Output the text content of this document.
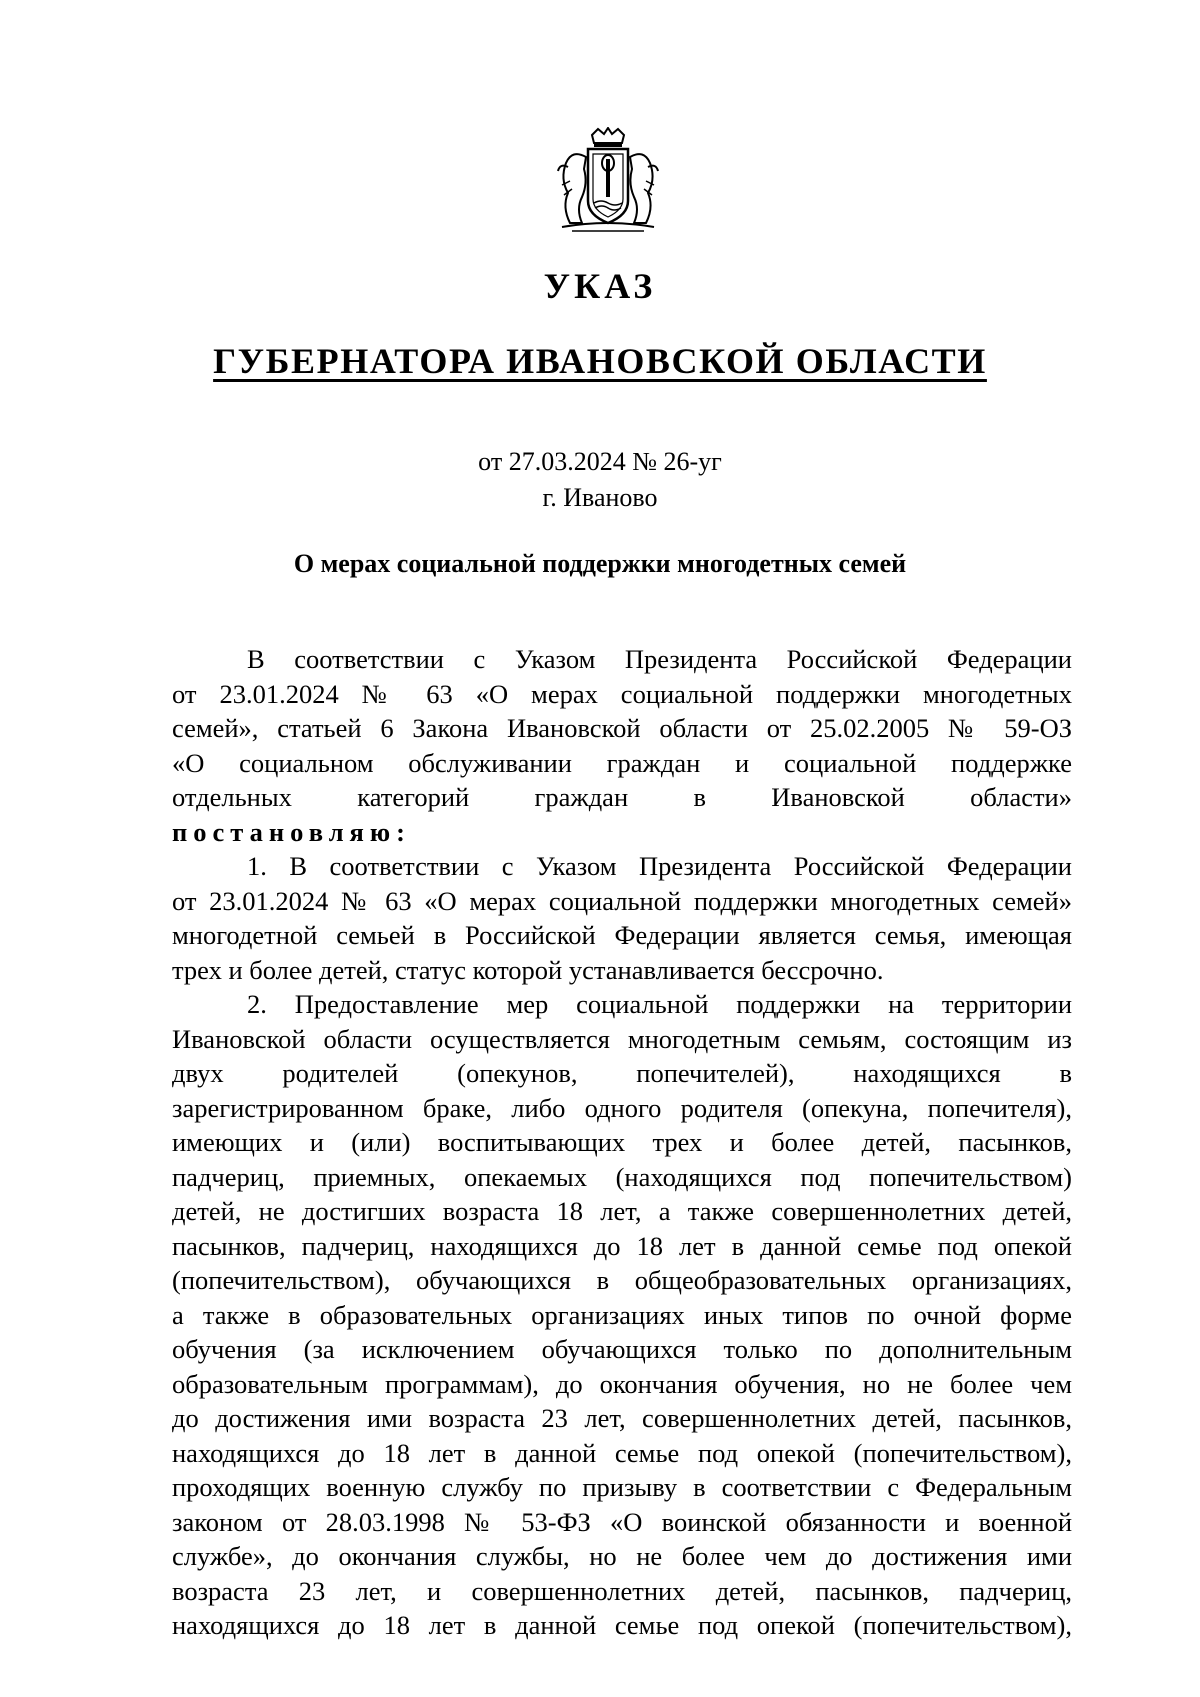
УКАЗ
ГУБЕРНАТОРА ИВАНОВСКОЙ ОБЛАСТИ
от 27.03.2024 № 26-уг
г. Иваново
О мерах социальной поддержки многодетных семей
В соответствии с Указом Президента Российской Федерации
от 23.01.2024 № 63 «О мерах социальной поддержки многодетных
семей», статьей 6 Закона Ивановской области от 25.02.2005 № 59-ОЗ
«О социальном обслуживании граждан и социальной поддержке
отдельных категорий граждан в Ивановской области»
постановляю:
1. В соответствии с Указом Президента Российской Федерации
от 23.01.2024 № 63 «О мерах социальной поддержки многодетных семей»
многодетной семьей в Российской Федерации является семья, имеющая
трех и более детей, статус которой устанавливается бессрочно.
2. Предоставление мер социальной поддержки на территории
Ивановской области осуществляется многодетным семьям, состоящим из
двух родителей (опекунов, попечителей), находящихся в
зарегистрированном браке, либо одного родителя (опекуна, попечителя),
имеющих и (или) воспитывающих трех и более детей, пасынков,
падчериц, приемных, опекаемых (находящихся под попечительством)
детей, не достигших возраста 18 лет, а также совершеннолетних детей,
пасынков, падчериц, находящихся до 18 лет в данной семье под опекой
(попечительством), обучающихся в общеобразовательных организациях,
а также в образовательных организациях иных типов по очной форме
обучения (за исключением обучающихся только по дополнительным
образовательным программам), до окончания обучения, но не более чем
до достижения ими возраста 23 лет, совершеннолетних детей, пасынков,
находящихся до 18 лет в данной семье под опекой (попечительством),
проходящих военную службу по призыву в соответствии с Федеральным
законом от 28.03.1998 № 53-ФЗ «О воинской обязанности и военной
службе», до окончания службы, но не более чем до достижения ими
возраста 23 лет, и совершеннолетних детей, пасынков, падчериц,
находящихся до 18 лет в данной семье под опекой (попечительством),
